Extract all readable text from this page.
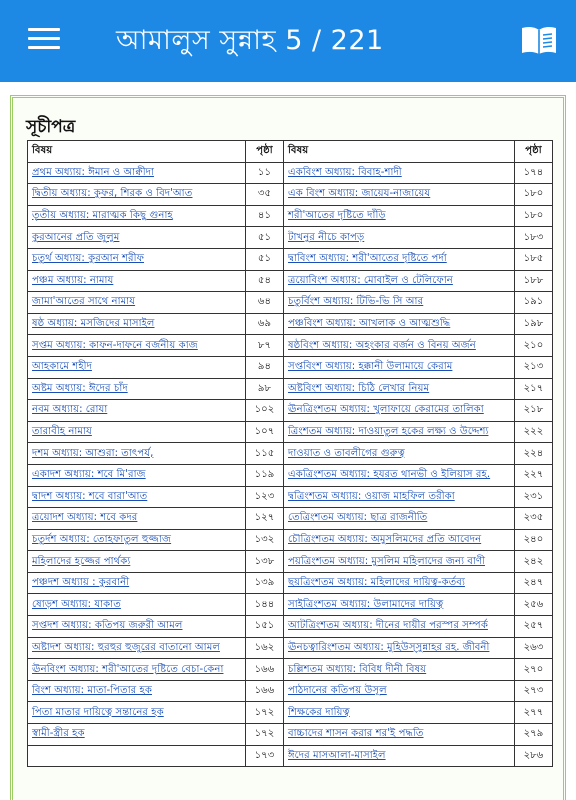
আমালুস সুন্নাহ 5 / 221
সূচীপত্র
বিষয়	পৃষ্ঠা	বিষয়	পৃষ্ঠা
প্রথম অধ্যায়: ঈমান ও আক্বীদা	১১	একবিংশ অধ্যায়: বিবাহ-শাদী	১৭৪
দ্বিতীয় অধ্যায়: কুফর, শিরক ও বিদ'আত	৩৫	এক বিংশ অধ্যায়: জায়েয-নাজায়েয	১৮০
তৃতীয় অধ্যায়: মারাত্মক কিছু গুনাহ	৪১	শরী'আতের দৃষ্টিতে দাঁড়ি	১৮০
কুরআনের প্রতি জুলুম	৫১	টাখনুর নীচে কাপড়	১৮৩
চতুর্থ অধ্যায়: কুরআন শরীফ	৫১	দ্বাবিংশ অধ্যায়: শরী'আতের দৃষ্টিতে পর্দা	১৮৫
পঞ্চম অধ্যায়: নামায	৫৪	ত্রয়োবিংশ অধ্যায়: মোবাইল ও টেলিফোন	১৮৮
জামা'আতের সাথে নামায	৬৪	চতুর্বিংশ অধ্যায়: টিভি-ভি সি আর	১৯১
ষষ্ঠ অধ্যায়: মসজিদের মাসাইল	৬৯	পঞ্চবিংশ অধ্যায়: আখলাক ও আত্মশুদ্ধি	১৯৮
সপ্তম অধ্যায়: কাফন-দাফনে বর্জনীয় কাজ	৮৭	ষষ্ঠবিংশ অধ্যায়: অহংকার বর্জন ও বিনয় অর্জন	২১০
আহকামে শহীদ	৯৪	সপ্তবিংশ অধ্যায়: হক্কানী উলামায়ে কেরাম	২১৩
অষ্টম অধ্যায়: ঈদের চাঁদ	৯৮	অষ্টবিংশ অধ্যায়: চিঠি লেখার নিয়ম	২১৭
নবম অধ্যায়: রোযা	১০২	ঊনত্রিংশতম অধ্যায়: খুলাফায়ে কেরামের তালিকা	২১৮
তারাবীহ নামায	১০৭	ত্রিংশতম অধ্যায়: দাওয়াতুল হকের লক্ষ্য ও উদ্দেশ্য	২২২
দশম অধ্যায়: আশুরা: তাৎপর্য,	১১৫	দাওয়াত ও তাবলীগের গুরুত্ব	২২৪
একাদশ অধ্যায়: শবে মি'রাজ	১১৯	একত্রিংশতম অধ্যায়: হযরত থানভী ও ইলিয়াস রহ.	২২৭
দ্বাদশ অধ্যায়: শবে বারা'আত	১২৩	দ্বত্রিংশতম অধ্যায়: ওয়াজ মাহফিল তরীকা	২৩১
ত্রয়োদশ অধ্যায়: শবে কদর	১২৭	তেত্রিংশতম অধ্যায়: ছাত্র রাজনীতি	২৩৫
চতুর্দশ অধ্যায়: তোহফাতুল হুজ্জাজ	১৩২	চৌত্রিংশতম অধ্যায়: অমুসলিমদের প্রতি আবেদন	২৪০
মহিলাদের হজ্জের পার্থক্য	১৩৮	পয়ত্রিংশতম অধ্যায়: মুসলিম মহিলাদের জন্য বাণী	২৪২
পঞ্চদশ অধ্যায় : কুরবানী	১৩৯	ছয়ত্রিংশতম অধ্যায়: মহিলাদের দায়িত্ব-কর্তব্য	২৪৭
ষোড়শ অধ্যায়: যাকাত	১৪৪	সাইত্রিংশতম অধ্যায়: উলামাদের দায়িত্ব	২৫৬
সপ্তদশ অধ্যায়: কতিপয় জরুরী আমল	১৫১	আটত্রিংশতম অধ্যায়: দীনের দায়ীর পরস্পর সম্পর্ক	২৫৭
অষ্টাদশ অধ্যায়: হুরহুর হুজুরের বাতানো আমল	১৬২	ঊনচত্বারিংশতম অধ্যায়: মুহিউস্সুন্নাহর রহ. জীবনী	২৬৩
ঊনবিংশ অধ্যায়: শরী'আতের দৃষ্টিতে বেচা-কেনা	১৬৬	চল্লিশতম অধ্যায়: বিবিধ দীনী বিষয়	২৭০
বিংশ অধ্যায়: মাতা-পিতার হক	১৬৬	পাঠদানের কতিপয় উসূল	২৭৩
পিতা মাতার দায়িত্বে সন্তানের হক	১৭২	শিক্ষকের দায়িত্ব	২৭৭
স্বামী-স্ত্রীর হক	১৭২	বাচ্চাদের শাসন করার শর'ই পদ্ধতি	২৭৯
	১৭৩	ঈদের মাসআলা-মাসাইল	২৮৬
